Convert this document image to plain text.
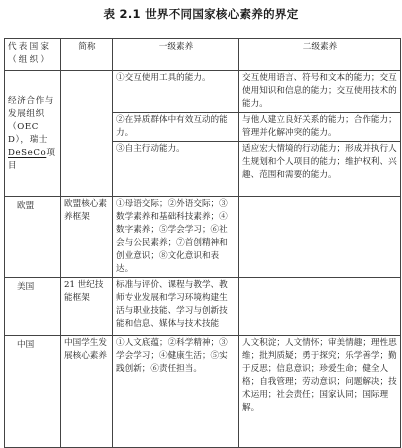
表 2.1 世界不同国家核心素养的界定
代表国家（组织）	简称	一级素养	二级素养
经济合作与发展组织
（OECD），瑞士
DeSeCo项目		①交互使用工具的能力。	交互使用语言、符号和文本的能力；交互使用知识和信息的能力；交互使用技术的能力。
		②在异质群体中有效互动的能力。	与他人建立良好关系的能力；合作能力；管理并化解冲突的能力。
		③自主行动能力。	适应宏大情境的行动能力；形成并执行人生规划和个人项目的能力；维护权利、兴趣、范围和需要的能力。
欧盟	欧盟核心素养框架	①母语交际；②外语交际；③数学素养和基础科技素养；④数字素养；⑤学会学习；⑥社会与公民素养；⑦首创精神和创业意识；⑧文化意识和表达。	
美国	21 世纪技能框架	标准与评价、课程与教学、教师专业发展和学习环境构建生活与职业技能、学习与创新技能和信息、媒体与技术技能	
中国	中国学生发展核心素养	①人文底蕴；②科学精神；③学会学习；④健康生活；⑤实践创新；⑥责任担当。	人文积淀；人文情怀；审美情趣；理性思维；批判质疑；勇于探究；乐学善学；勤于反思；信息意识；珍爱生命；健全人格；自我管理；劳动意识；问题解决；技术运用；社会责任；国家认同；国际理解。
